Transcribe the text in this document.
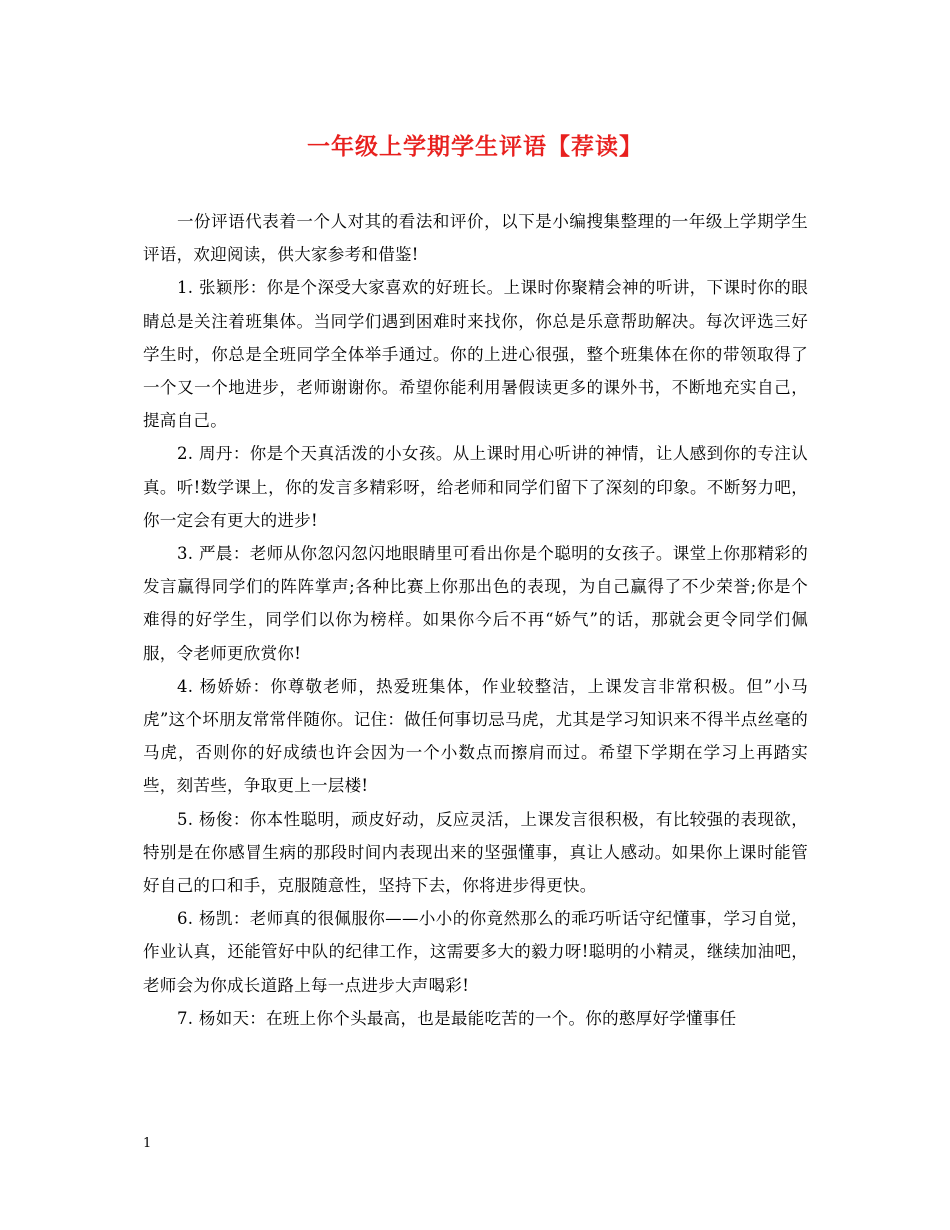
一年级上学期学生评语【荐读】

一份评语代表着一个人对其的看法和评价，以下是小编搜集整理的一年级上学期学生评语，欢迎阅读，供大家参考和借鉴!

1. 张颖彤：你是个深受大家喜欢的好班长。上课时你聚精会神的听讲，下课时你的眼睛总是关注着班集体。当同学们遇到困难时来找你，你总是乐意帮助解决。每次评选三好学生时，你总是全班同学全体举手通过。你的上进心很强，整个班集体在你的带领取得了一个又一个地进步，老师谢谢你。希望你能利用暑假读更多的课外书，不断地充实自己，提高自己。

2. 周丹：你是个天真活泼的小女孩。从上课时用心听讲的神情，让人感到你的专注认真。听!数学课上，你的发言多精彩呀，给老师和同学们留下了深刻的印象。不断努力吧，你一定会有更大的进步!

3. 严晨：老师从你忽闪忽闪地眼睛里可看出你是个聪明的女孩子。课堂上你那精彩的发言赢得同学们的阵阵掌声;各种比赛上你那出色的表现，为自己赢得了不少荣誉;你是个难得的好学生，同学们以你为榜样。如果你今后不再“娇气”的话，那就会更令同学们佩服，令老师更欣赏你!

4. 杨娇娇：你尊敬老师，热爱班集体，作业较整洁，上课发言非常积极。但”小马虎”这个坏朋友常常伴随你。记住：做任何事切忌马虎，尤其是学习知识来不得半点丝毫的马虎，否则你的好成绩也许会因为一个小数点而擦肩而过。希望下学期在学习上再踏实些，刻苦些，争取更上一层楼!

5. 杨俊：你本性聪明，顽皮好动，反应灵活，上课发言很积极，有比较强的表现欲，特别是在你感冒生病的那段时间内表现出来的坚强懂事，真让人感动。如果你上课时能管好自己的口和手，克服随意性，坚持下去，你将进步得更快。

6. 杨凯：老师真的很佩服你——小小的你竟然那么的乖巧听话守纪懂事，学习自觉，作业认真，还能管好中队的纪律工作，这需要多大的毅力呀!聪明的小精灵，继续加油吧，老师会为你成长道路上每一点进步大声喝彩!

7. 杨如天：在班上你个头最高，也是最能吃苦的一个。你的憨厚好学懂事任

1
